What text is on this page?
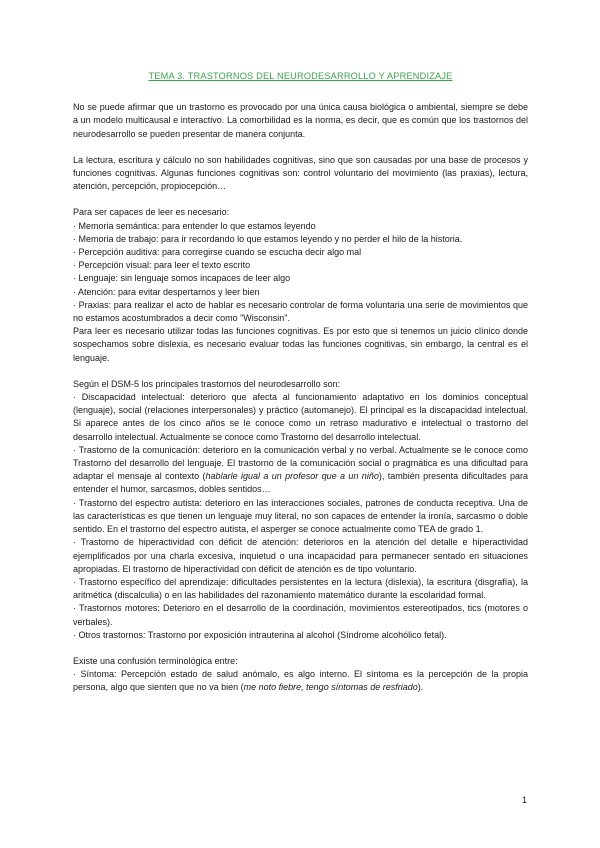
TEMA 3. TRASTORNOS DEL NEURODESARROLLO Y APRENDIZAJE

No se puede afirmar que un trastorno es provocado por una única causa biológica o ambiental, siempre se debe a un modelo multicausal e interactivo. La comorbilidad es la norma, es decir, que es común que los trastornos del neurodesarrollo se pueden presentar de manera conjunta.

La lectura, escritura y cálculo no son habilidades cognitivas, sino que son causadas por una base de procesos y funciones cognitivas. Algunas funciones cognitivas son: control voluntario del movimiento (las praxias), lectura, atención, percepción, propiocepción…

Para ser capaces de leer es necesario:

· Memoria semántica: para entender lo que estamos leyendo

· Memoria de trabajo: para ir recordando lo que estamos leyendo y no perder el hilo de la historia.

· Percepción auditiva: para corregirse cuando se escucha decir algo mal

· Percepción visual: para leer el texto escrito

· Lenguaje: sin lenguaje somos incapaces de leer algo

· Atención: para evitar despertarnos y leer bien

· Praxias: para realizar el acto de hablar es necesario controlar de forma voluntaria una serie de movimientos que no estamos acostumbrados a decir como "Wisconsin".

Para leer es necesario utilizar todas las funciones cognitivas. Es por esto que si tenemos un juicio clínico donde sospechamos sobre dislexia, es necesario evaluar todas las funciones cognitivas, sin embargo, la central es el lenguaje.

Según el DSM-5 los principales trastornos del neurodesarrollo son:

· Discapacidad intelectual: deterioro que afecta al funcionamiento adaptativo en los dominios conceptual (lenguaje), social (relaciones interpersonales) y práctico (automanejo). El principal es la discapacidad intelectual. Si aparece antes de los cinco años se le conoce como un retraso madurativo e intelectual o trastorno del desarrollo intelectual. Actualmente se conoce como Trastorno del desarrollo intelectual.

· Trastorno de la comunicación: deterioro en la comunicación verbal y no verbal. Actualmente se le conoce como Trastorno del desarrollo del lenguaje. El trastorno de la comunicación social o pragmática es una dificultad para adaptar el mensaje al contexto (hablarle igual a un profesor que a un niño), también presenta dificultades para entender el humor, sarcasmos, dobles sentidos…

· Trastorno del espectro autista: deterioro en las interacciones sociales, patrones de conducta receptiva. Una de las características es que tienen un lenguaje muy literal, no son capaces de entender la ironía, sarcasmo o doble sentido. En el trastorno del espectro autista, el asperger se conoce actualmente como TEA de grado 1.

· Trastorno de hiperactividad con déficit de atención: deterioros en la atención del detalle e hiperactividad ejemplificados por una charla excesiva, inquietud o una incapacidad para permanecer sentado en situaciones apropiadas. El trastorno de hiperactividad con déficit de atención es de tipo voluntario.

· Trastorno específico del aprendizaje: dificultades persistentes en la lectura (dislexia), la escritura (disgrafía), la aritmética (discalculia) o en las habilidades del razonamiento matemático durante la escolaridad formal.

· Trastornos motores: Deterioro en el desarrollo de la coordinación, movimientos estereotipados, tics (motores o verbales).

· Otros trastornos: Trastorno por exposición intrauterina al alcohol (Síndrome alcohólico fetal).

Existe una confusión terminológica entre:

· Síntoma: Percepción estado de salud anómalo, es algo interno. El síntoma es la percepción de la propia persona, algo que sienten que no va bien (me noto fiebre, tengo síntomas de resfriado).

1
